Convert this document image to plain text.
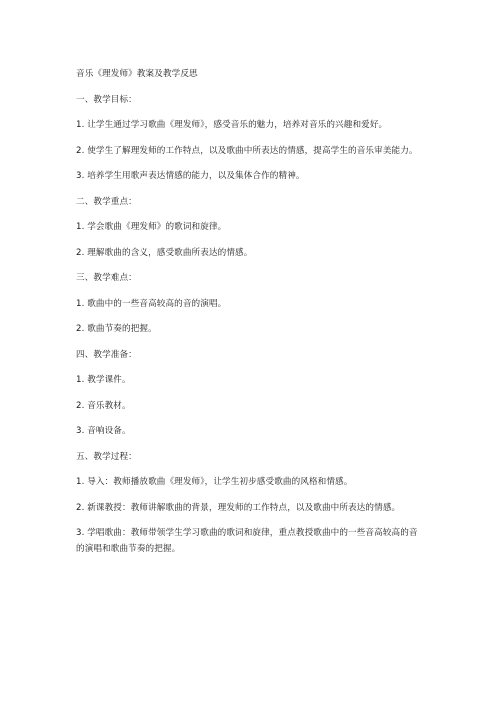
音乐《理发师》教案及教学反思
一、教学目标：
1. 让学生通过学习歌曲《理发师》，感受音乐的魅力，培养对音乐的兴趣和爱好。
2. 使学生了解理发师的工作特点，以及歌曲中所表达的情感，提高学生的音乐审美能力。
3. 培养学生用歌声表达情感的能力，以及集体合作的精神。
二、教学重点：
1. 学会歌曲《理发师》的歌词和旋律。
2. 理解歌曲的含义，感受歌曲所表达的情感。
三、教学难点：
1. 歌曲中的一些音高较高的音的演唱。
2. 歌曲节奏的把握。
四、教学准备：
1. 教学课件。
2. 音乐教材。
3. 音响设备。
五、教学过程：
1. 导入：教师播放歌曲《理发师》，让学生初步感受歌曲的风格和情感。
2. 新课教授：教师讲解歌曲的背景，理发师的工作特点，以及歌曲中所表达的情感。
3. 学唱歌曲：教师带领学生学习歌曲的歌词和旋律，重点教授歌曲中的一些音高较高的音的演唱和歌曲节奏的把握。
